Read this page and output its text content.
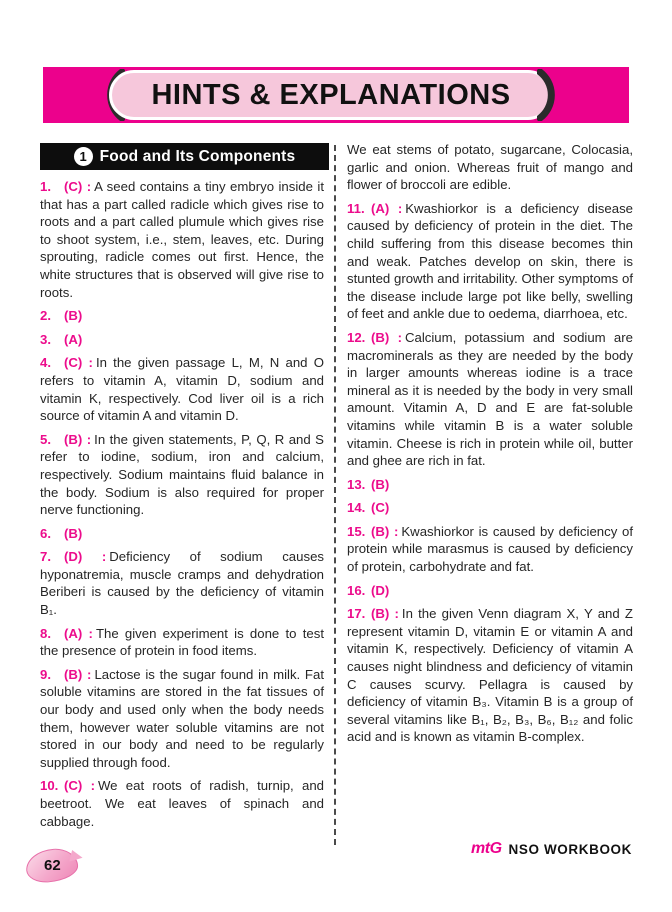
HINTS & EXPLANATIONS
1 Food and Its Components

1. (C) : A seed contains a tiny embryo inside it that has a part called radicle which gives rise to roots and a part called plumule which gives rise to shoot system, i.e., stem, leaves, etc. During sprouting, radicle comes out first. Hence, the white structures that is observed will give rise to roots.

2. (B)

3. (A)

4. (C) : In the given passage L, M, N and O refers to vitamin A, vitamin D, sodium and vitamin K, respectively. Cod liver oil is a rich source of vitamin A and vitamin D.

5. (B) : In the given statements, P, Q, R and S refer to iodine, sodium, iron and calcium, respectively. Sodium maintains fluid balance in the body. Sodium is also required for proper nerve functioning.

6. (B)

7. (D) : Deficiency of sodium causes hyponatremia, muscle cramps and dehydration Beriberi is caused by the deficiency of vitamin B₁.

8. (A) : The given experiment is done to test the presence of protein in food items.

9. (B) : Lactose is the sugar found in milk. Fat soluble vitamins are stored in the fat tissues of our body and used only when the body needs them, however water soluble vitamins are not stored in our body and need to be regularly supplied through food.

10. (C) : We eat roots of radish, turnip, and beetroot. We eat leaves of spinach and cabbage.

We eat stems of potato, sugarcane, Colocasia, garlic and onion. Whereas fruit of mango and flower of broccoli are edible.

11. (A) : Kwashiorkor is a deficiency disease caused by deficiency of protein in the diet. The child suffering from this disease becomes thin and weak. Patches develop on skin, there is stunted growth and irritability. Other symptoms of the disease include large pot like belly, swelling of feet and ankle due to oedema, diarrhoea, etc.

12. (B) : Calcium, potassium and sodium are macrominerals as they are needed by the body in larger amounts whereas iodine is a trace mineral as it is needed by the body in very small amount. Vitamin A, D and E are fat-soluble vitamins while vitamin B is a water soluble vitamin. Cheese is rich in protein while oil, butter and ghee are rich in fat.

13. (B)

14. (C)

15. (B) : Kwashiorkor is caused by deficiency of protein while marasmus is caused by deficiency of protein, carbohydrate and fat.

16. (D)

17. (B) : In the given Venn diagram X, Y and Z represent vitamin D, vitamin E or vitamin A and vitamin K, respectively. Deficiency of vitamin A causes night blindness and deficiency of vitamin C causes scurvy. Pellagra is caused by deficiency of vitamin B₃. Vitamin B is a group of several vitamins like B₁, B₂, B₃, B₆, B₁₂ and folic acid and is known as vitamin B-complex.

62
mtG NSO WORKBOOK
